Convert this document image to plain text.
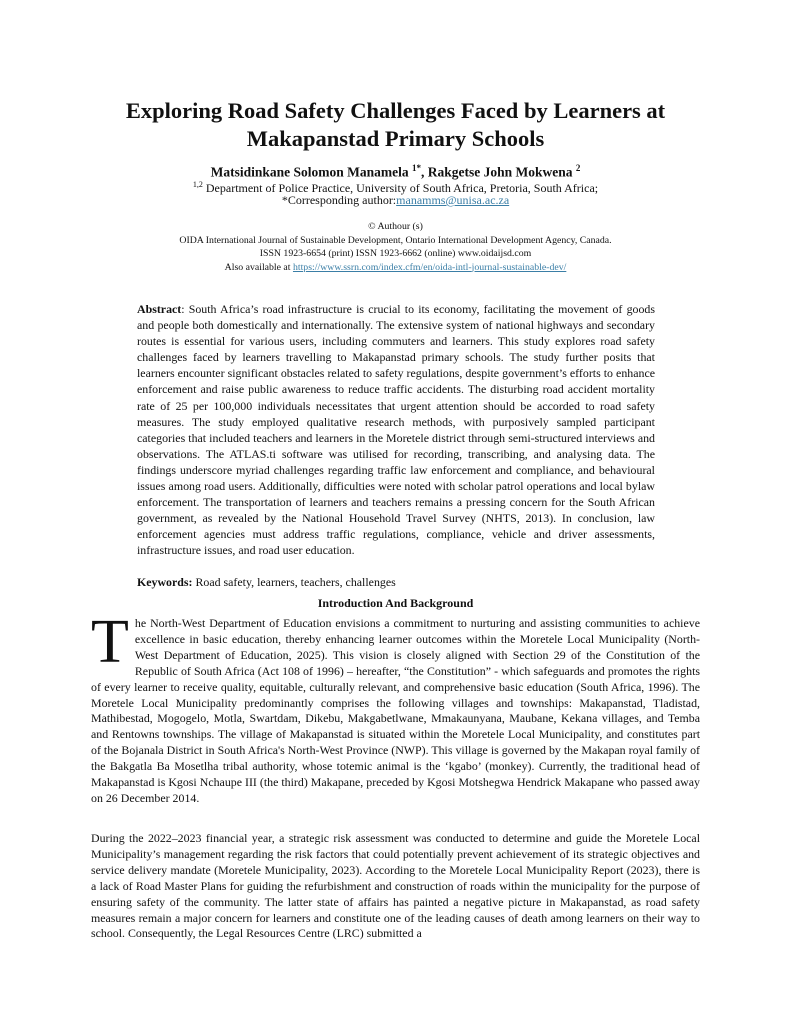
Exploring Road Safety Challenges Faced by Learners at Makapanstad Primary Schools
Matsidinkane Solomon Manamela $^{1*}$, Rakgetse John Mokwena $^2$
$^{1,2}$ Department of Police Practice, University of South Africa, Pretoria, South Africa;
*Corresponding author:manamms@unisa.ac.za
© Authour (s)
OIDA International Journal of Sustainable Development, Ontario International Development Agency, Canada.
ISSN 1923-6654 (print) ISSN 1923-6662 (online) www.oidaijsd.com
Also available at https://www.ssrn.com/index.cfm/en/oida-intl-journal-sustainable-dev/
Abstract: South Africa’s road infrastructure is crucial to its economy, facilitating the movement of goods and people both domestically and internationally. The extensive system of national highways and secondary routes is essential for various users, including commuters and learners. This study explores road safety challenges faced by learners travelling to Makapanstad primary schools. The study further posits that learners encounter significant obstacles related to safety regulations, despite government’s efforts to enhance enforcement and raise public awareness to reduce traffic accidents. The disturbing road accident mortality rate of 25 per 100,000 individuals necessitates that urgent attention should be accorded to road safety measures. The study employed qualitative research methods, with purposively sampled participant categories that included teachers and learners in the Moretele district through semi-structured interviews and observations. The ATLAS.ti software was utilised for recording, transcribing, and analysing data. The findings underscore myriad challenges regarding traffic law enforcement and compliance, and behavioural issues among road users. Additionally, difficulties were noted with scholar patrol operations and local bylaw enforcement. The transportation of learners and teachers remains a pressing concern for the South African government, as revealed by the National Household Travel Survey (NHTS, 2013). In conclusion, law enforcement agencies must address traffic regulations, compliance, vehicle and driver assessments, infrastructure issues, and road user education.
Keywords: Road safety, learners, teachers, challenges
Introduction And Background
The North-West Department of Education envisions a commitment to nurturing and assisting communities to achieve excellence in basic education, thereby enhancing learner outcomes within the Moretele Local Municipality (North-West Department of Education, 2025). This vision is closely aligned with Section 29 of the Constitution of the Republic of South Africa (Act 108 of 1996) – hereafter, “the Constitution” - which safeguards and promotes the rights of every learner to receive quality, equitable, culturally relevant, and comprehensive basic education (South Africa, 1996). The Moretele Local Municipality predominantly comprises the following villages and townships: Makapanstad, Tladistad, Mathibestad, Mogogelo, Motla, Swartdam, Dikebu, Makgabetlwane, Mmakaunyana, Maubane, Kekana villages, and Temba and Rentowns townships. The village of Makapanstad is situated within the Moretele Local Municipality, and constitutes part of the Bojanala District in South Africa's North-West Province (NWP). This village is governed by the Makapan royal family of the Bakgatla Ba Mosetlha tribal authority, whose totemic animal is the ‘kgabo’ (monkey). Currently, the traditional head of Makapanstad is Kgosi Nchaupe III (the third) Makapane, preceded by Kgosi Motshegwa Hendrick Makapane who passed away on 26 December 2014.
During the 2022–2023 financial year, a strategic risk assessment was conducted to determine and guide the Moretele Local Municipality’s management regarding the risk factors that could potentially prevent achievement of its strategic objectives and service delivery mandate (Moretele Municipality, 2023). According to the Moretele Local Municipality Report (2023), there is a lack of Road Master Plans for guiding the refurbishment and construction of roads within the municipality for the purpose of ensuring safety of the community. The latter state of affairs has painted a negative picture in Makapanstad, as road safety measures remain a major concern for learners and constitute one of the leading causes of death among learners on their way to school. Consequently, the Legal Resources Centre (LRC) submitted a
